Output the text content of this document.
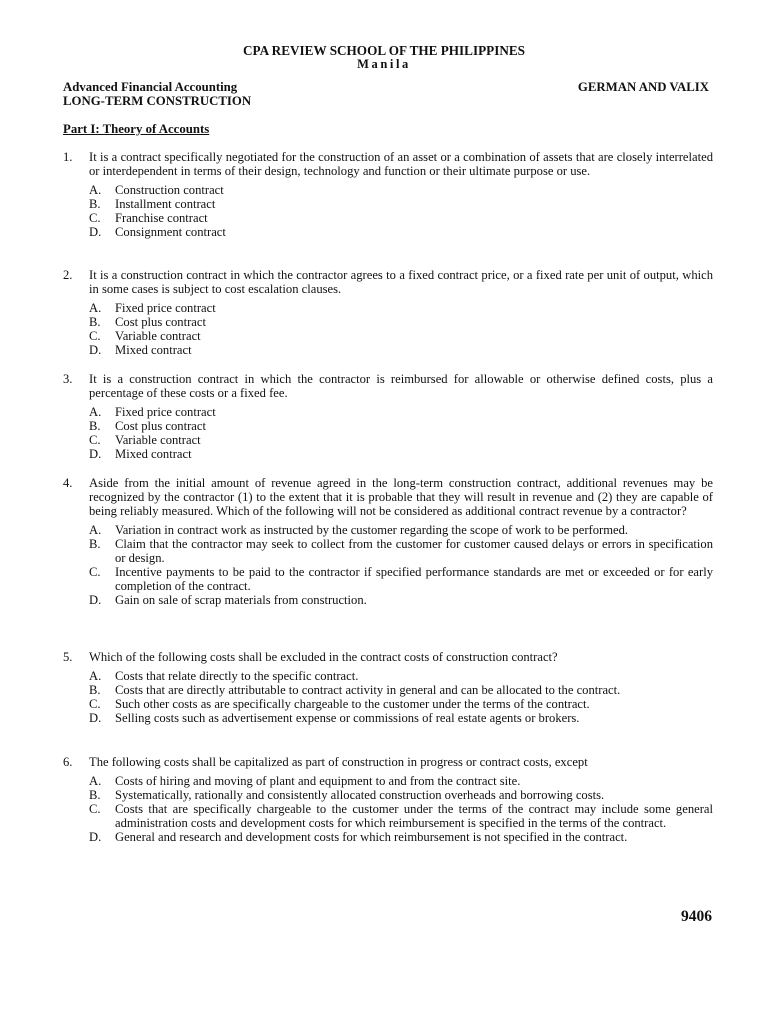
CPA REVIEW SCHOOL OF THE PHILIPPINES
Manila
Advanced Financial Accounting
LONG-TERM CONSTRUCTION
GERMAN AND VALIX
Part I: Theory of Accounts
1. It is a contract specifically negotiated for the construction of an asset or a combination of assets that are closely interrelated or interdependent in terms of their design, technology and function or their ultimate purpose or use.
A. Construction contract
B. Installment contract
C. Franchise contract
D. Consignment contract
2. It is a construction contract in which the contractor agrees to a fixed contract price, or a fixed rate per unit of output, which in some cases is subject to cost escalation clauses.
A. Fixed price contract
B. Cost plus contract
C. Variable contract
D. Mixed contract
3. It is a construction contract in which the contractor is reimbursed for allowable or otherwise defined costs, plus a percentage of these costs or a fixed fee.
A. Fixed price contract
B. Cost plus contract
C. Variable contract
D. Mixed contract
4. Aside from the initial amount of revenue agreed in the long-term construction contract, additional revenues may be recognized by the contractor (1) to the extent that it is probable that they will result in revenue and (2) they are capable of being reliably measured. Which of the following will not be considered as additional contract revenue by a contractor?
A. Variation in contract work as instructed by the customer regarding the scope of work to be performed.
B. Claim that the contractor may seek to collect from the customer for customer caused delays or errors in specification or design.
C. Incentive payments to be paid to the contractor if specified performance standards are met or exceeded or for early completion of the contract.
D. Gain on sale of scrap materials from construction.
5. Which of the following costs shall be excluded in the contract costs of construction contract?
A. Costs that relate directly to the specific contract.
B. Costs that are directly attributable to contract activity in general and can be allocated to the contract.
C. Such other costs as are specifically chargeable to the customer under the terms of the contract.
D. Selling costs such as advertisement expense or commissions of real estate agents or brokers.
6. The following costs shall be capitalized as part of construction in progress or contract costs, except
A. Costs of hiring and moving of plant and equipment to and from the contract site.
B. Systematically, rationally and consistently allocated construction overheads and borrowing costs.
C. Costs that are specifically chargeable to the customer under the terms of the contract may include some general administration costs and development costs for which reimbursement is specified in the terms of the contract.
D. General and research and development costs for which reimbursement is not specified in the contract.
9406
